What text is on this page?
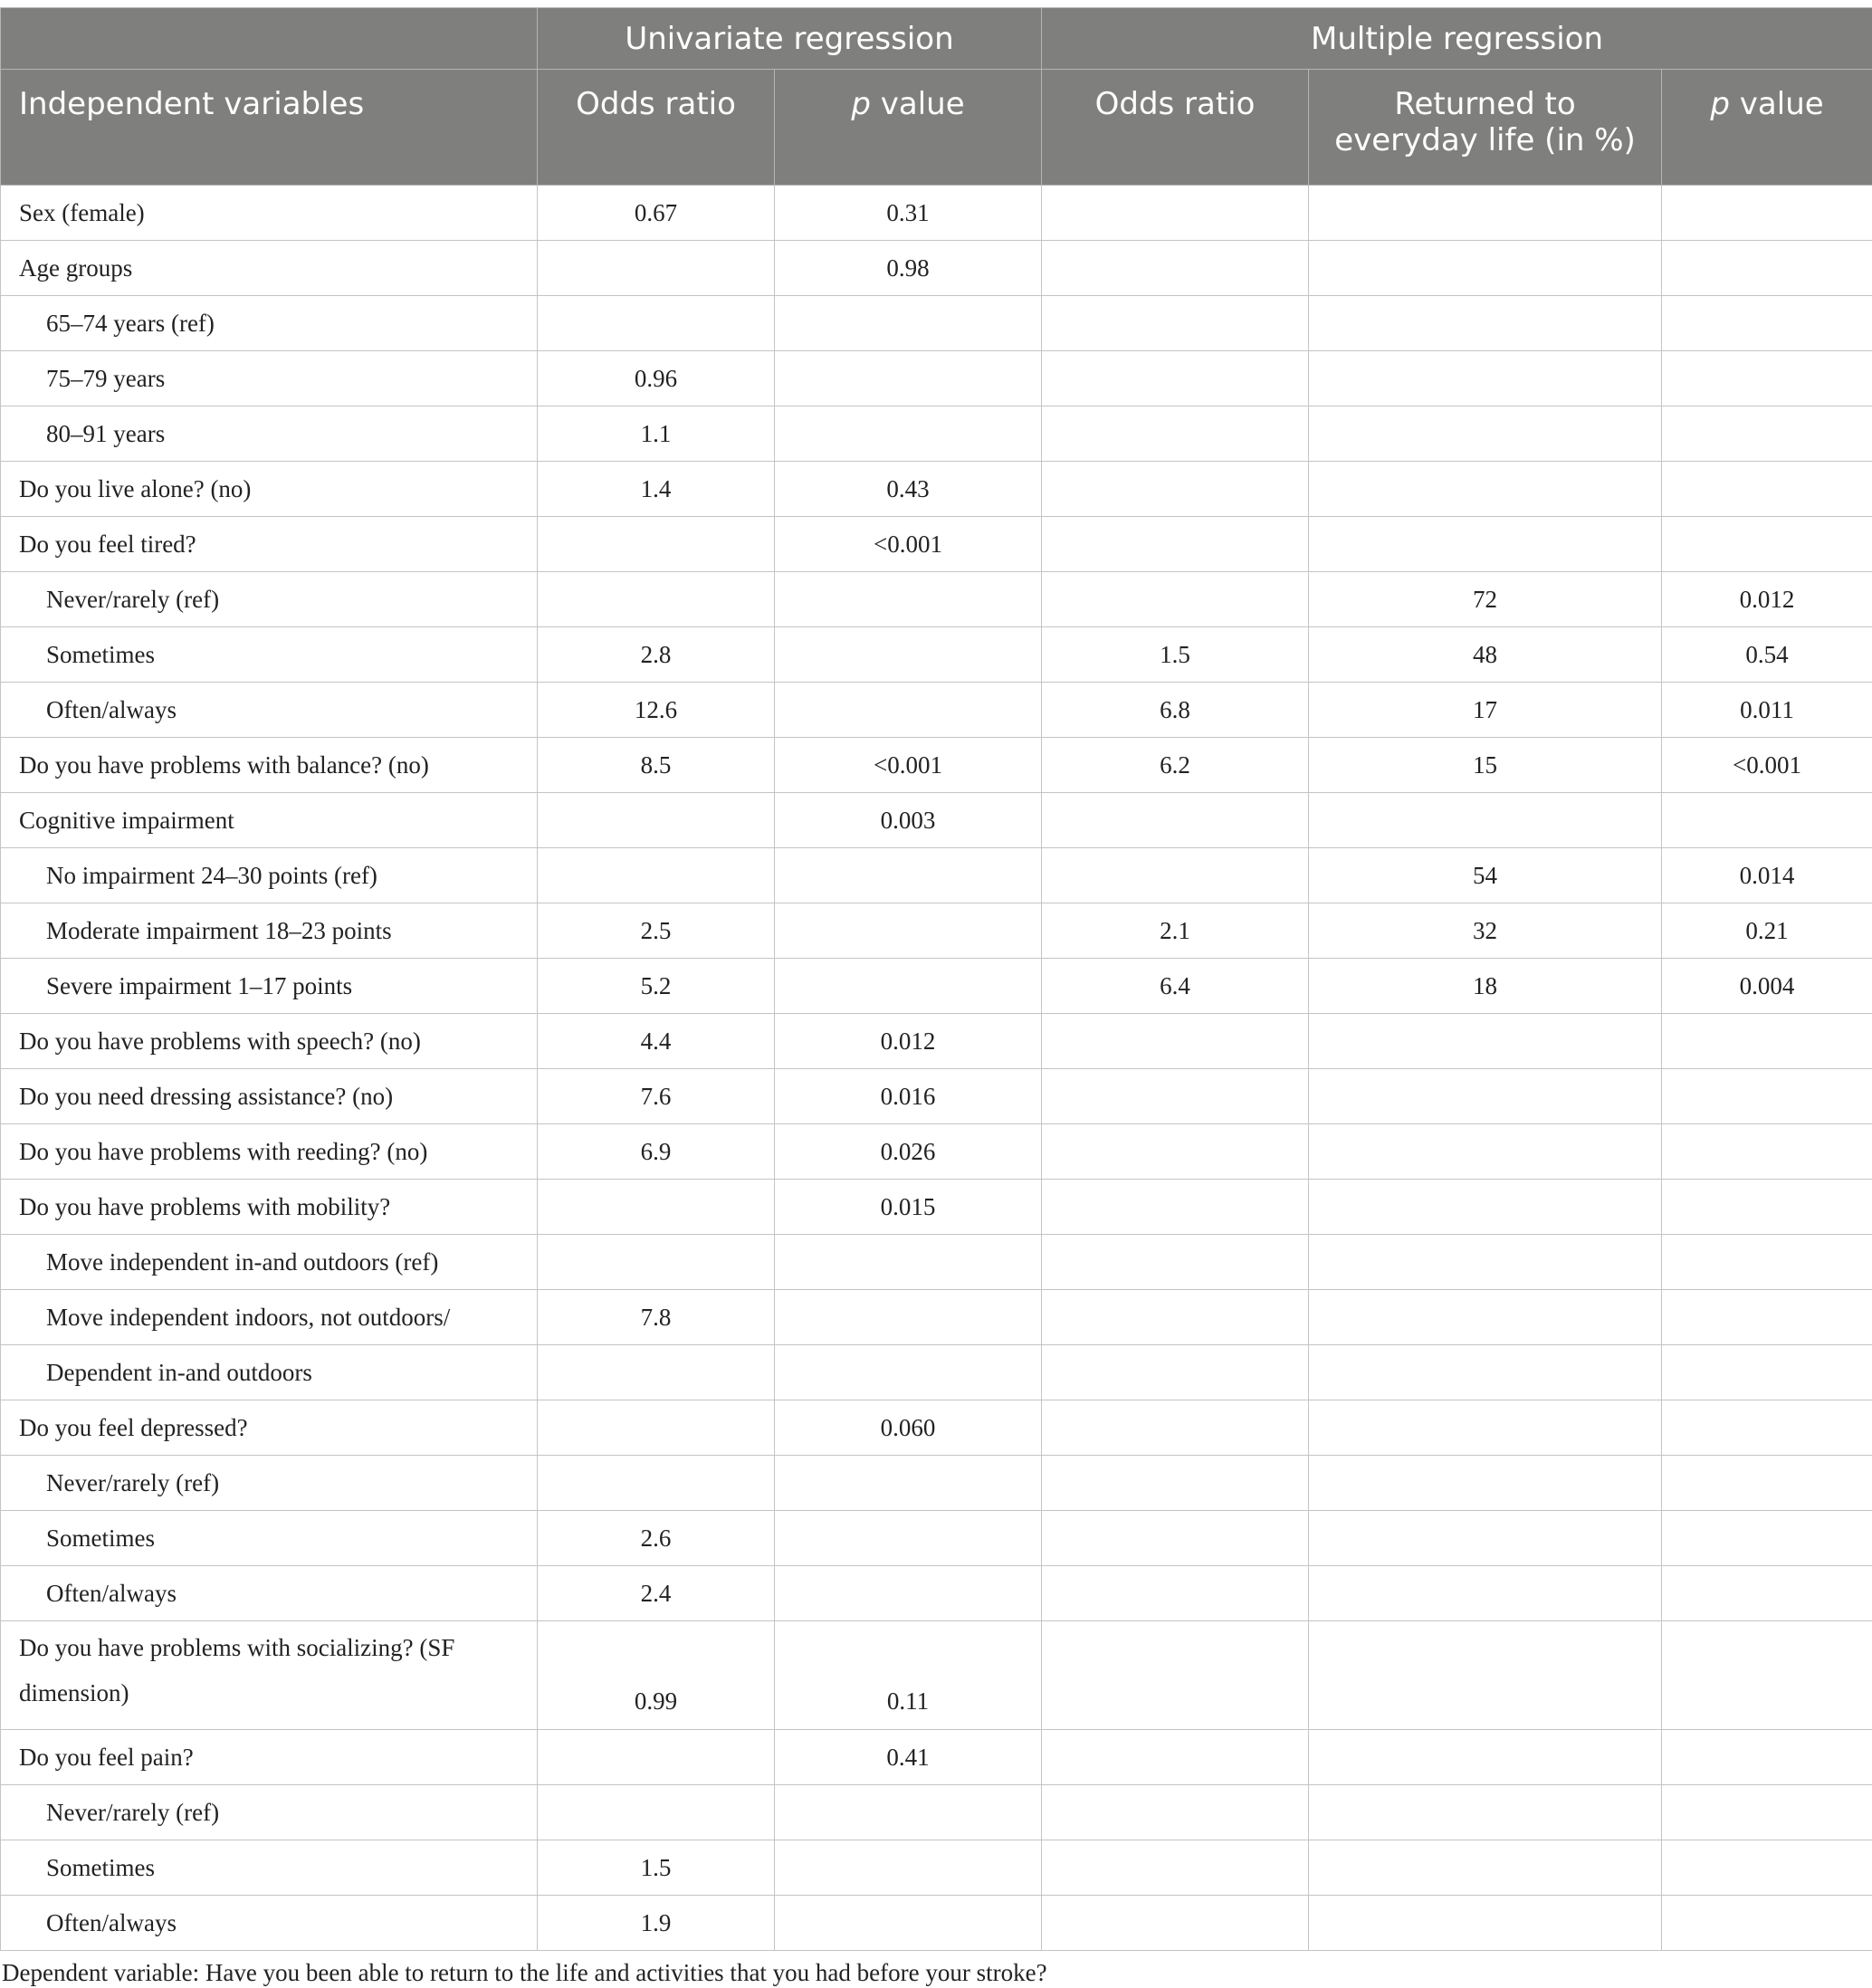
	Univariate regression		Multiple regression		
Independent variables	Odds ratio	p value	Odds ratio	Returned to everyday life (in %)	p value
Sex (female)	0.67	0.31			
Age groups		0.98			
65–74 years (ref)					
75–79 years	0.96				
80–91 years	1.1				
Do you live alone? (no)	1.4	0.43			
Do you feel tired?		<0.001			
Never/rarely (ref)				72	0.012
Sometimes	2.8		1.5	48	0.54
Often/always	12.6		6.8	17	0.011
Do you have problems with balance? (no)	8.5	<0.001	6.2	15	<0.001
Cognitive impairment		0.003			
No impairment 24–30 points (ref)				54	0.014
Moderate impairment 18–23 points	2.5		2.1	32	0.21
Severe impairment 1–17 points	5.2		6.4	18	0.004
Do you have problems with speech? (no)	4.4	0.012			
Do you need dressing assistance? (no)	7.6	0.016			
Do you have problems with reeding? (no)	6.9	0.026			
Do you have problems with mobility?		0.015			
Move independent in-and outdoors (ref)					
Move independent indoors, not outdoors/	7.8				
Dependent in-and outdoors					
Do you feel depressed?		0.060			
Never/rarely (ref)					
Sometimes	2.6				
Often/always	2.4				
Do you have problems with socializing? (SF dimension)	0.99	0.11			
Do you feel pain?		0.41			
Never/rarely (ref)					
Sometimes	1.5				
Often/always	1.9				
Dependent variable: Have you been able to return to the life and activities that you had before your stroke?
